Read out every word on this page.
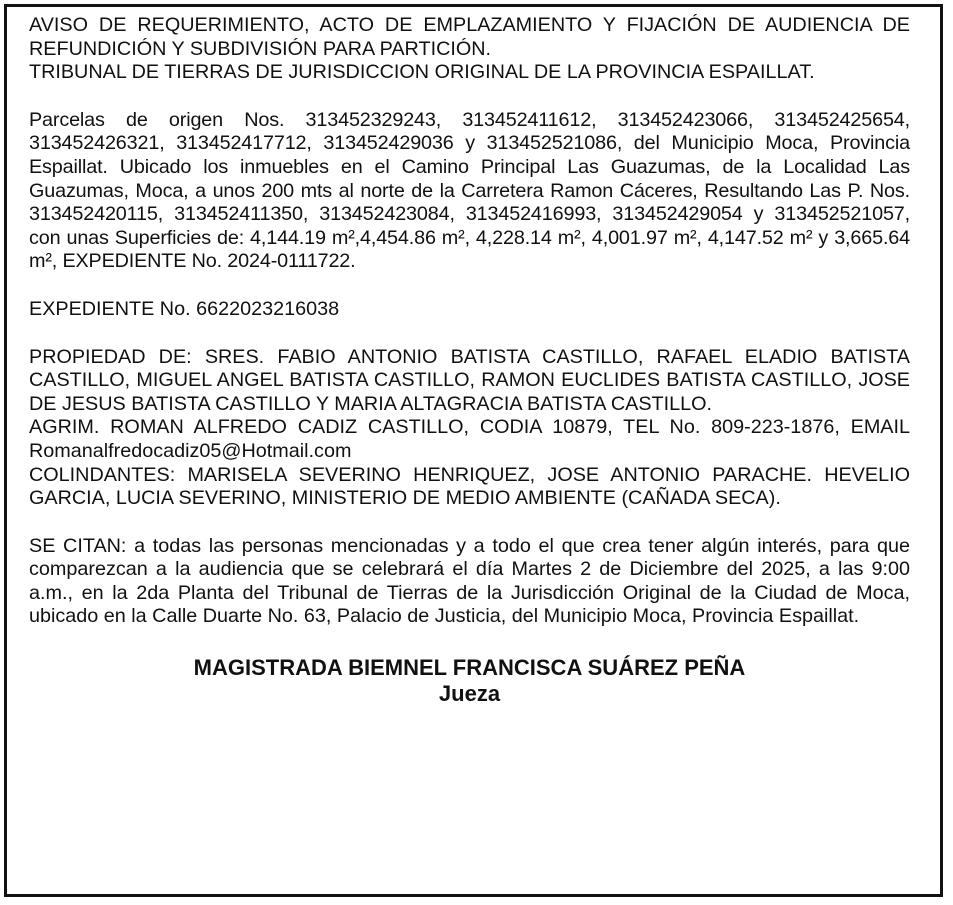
AVISO DE REQUERIMIENTO, ACTO DE EMPLAZAMIENTO Y FIJACIÓN DE AUDIENCIA DE REFUNDICIÓN Y SUBDIVISIÓN PARA PARTICIÓN.

TRIBUNAL DE TIERRAS DE JURISDICCION ORIGINAL DE LA PROVINCIA ESPAILLAT.

Parcelas de origen Nos. 313452329243, 313452411612, 313452423066, 313452425654, 313452426321, 313452417712, 313452429036 y 313452521086, del Municipio Moca, Provincia Espaillat. Ubicado los inmuebles en el Camino Principal Las Guazumas, de la Localidad Las Guazumas, Moca, a unos 200 mts al norte de la Carretera Ramon Cáceres, Resultando Las P. Nos. 313452420115, 313452411350, 313452423084, 313452416993, 313452429054 y 313452521057, con unas Superficies de: 4,144.19 m²,4,454.86 m², 4,228.14 m², 4,001.97 m², 4,147.52 m² y 3,665.64 m², EXPEDIENTE No. 2024-0111722.

EXPEDIENTE No. 6622023216038

PROPIEDAD DE: SRES. FABIO ANTONIO BATISTA CASTILLO, RAFAEL ELADIO BATISTA CASTILLO, MIGUEL ANGEL BATISTA CASTILLO, RAMON EUCLIDES BATISTA CASTILLO, JOSE DE JESUS BATISTA CASTILLO Y MARIA ALTAGRACIA BATISTA CASTILLO.

AGRIM. ROMAN ALFREDO CADIZ CASTILLO, CODIA 10879, TEL No. 809-223-1876, EMAIL Romanalfredocadiz05@Hotmail.com

COLINDANTES: MARISELA SEVERINO HENRIQUEZ, JOSE ANTONIO PARACHE. HEVELIO GARCIA, LUCIA SEVERINO, MINISTERIO DE MEDIO AMBIENTE (CAÑADA SECA).

SE CITAN: a todas las personas mencionadas y a todo el que crea tener algún interés, para que comparezcan a la audiencia que se celebrará el día Martes 2 de Diciembre del 2025, a las 9:00 a.m., en la 2da Planta del Tribunal de Tierras de la Jurisdicción Original de la Ciudad de Moca, ubicado en la Calle Duarte No. 63, Palacio de Justicia, del Municipio Moca, Provincia Espaillat.

MAGISTRADA BIEMNEL FRANCISCA SUÁREZ PEÑA

Jueza
